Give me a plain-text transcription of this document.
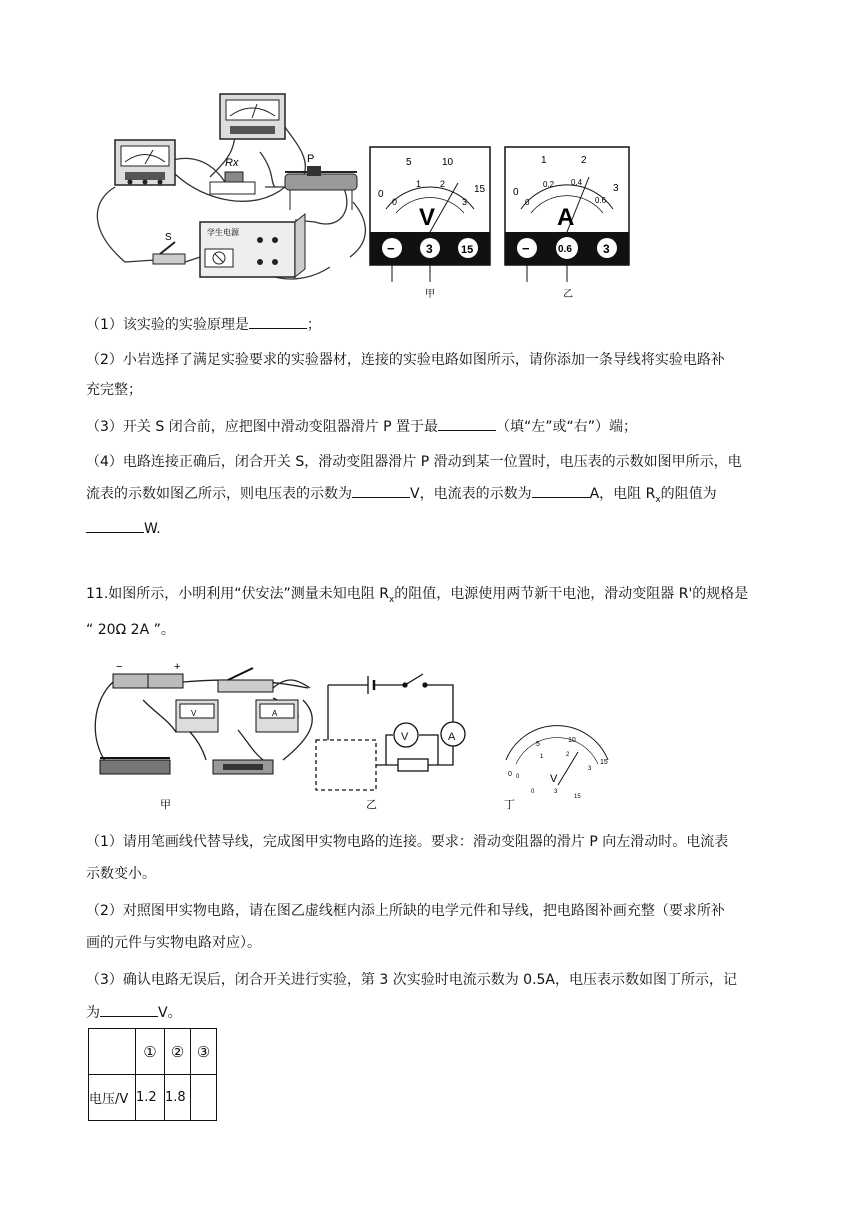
Rx	P
S	学生电源
0
5	10
15
0
1 2
3
V
−	3	15
甲
0
1	2
3
0
0.2 0.4
0.6
A
−	0.6	3
乙
（1）该实验的实验原理是	；
（2）小岩选择了满足实验要求的实验器材，连接的实验电路如图所示，请你添加一条导线将实验电路补
充完整；
（3）开关 S 闭合前，应把图中滑动变阻器滑片 P 置于最	（填“左”或“右”）端；
（4）电路连接正确后，闭合开关 S，滑动变阻器滑片 P 滑动到某一位置时，电压表的示数如图甲所示，电
流表的示数如图乙所示，则电压表的示数为	V，电流表的示数为	A，电阻 $R_x$的阻值为
W.
11.如图所示，小明利用“伏安法”测量未知电阻 $R_x$的阻值，电源使用两节新干电池，滑动变阻器 R'的规格是
“ 20Ω 2A ”。
−	+
V	A
甲	乙
V	A
0
5
10
15
0
1	2
3
V
0	3
15
丁
（1）请用笔画线代替导线，完成图甲实物电路的连接。要求：滑动变阻器的滑片 P 向左滑动时。电流表
示数变小。
（2）对照图甲实物电路，请在图乙虚线框内添上所缺的电学元件和导线，把电路图补画充整（要求所补
画的元件与实物电路对应）。
（3）确认电路无误后，闭合开关进行实验，第 3 次实验时电流示数为 0.5A，电压表示数如图丁所示，记
为	V。
	①	②	③
电压/V	1.2	1.8	
